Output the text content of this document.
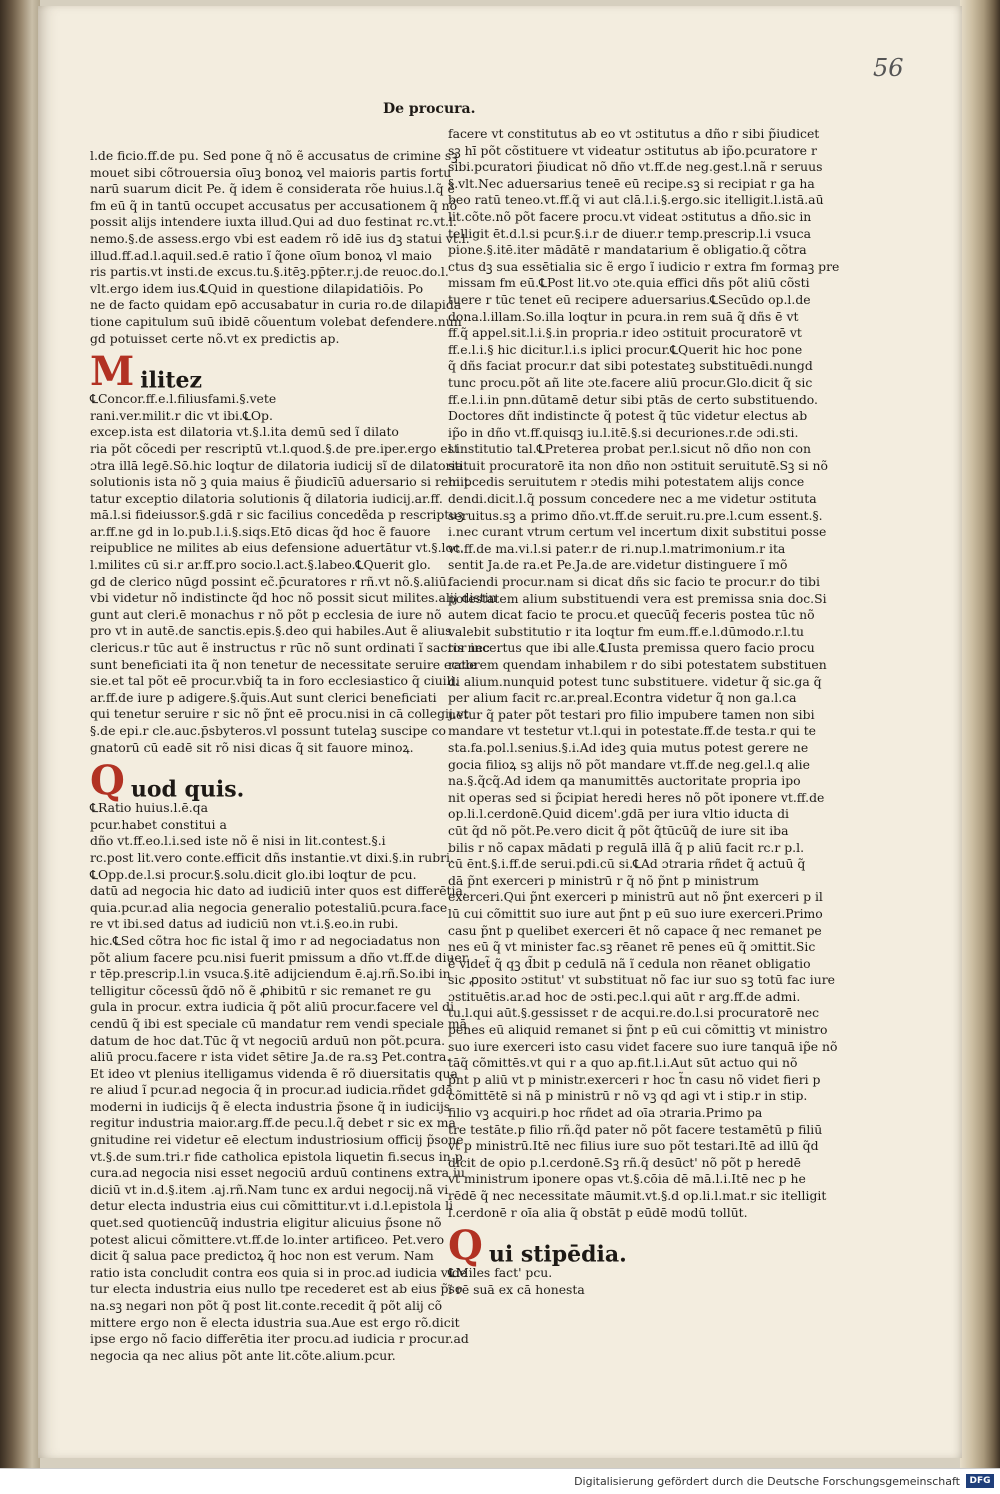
56
De procura.
l.de ficio.ff.de pu. Sed pone q̃ nõ ẽ accusatus de crimine sꝫ
mouet sibi cõtrouersia oīuꝫ bonoꝝ vel maioris partis fortu
narū suarum dicit Pe. q̃ idem ẽ considerata rõe huius.l.q̃ ẽ
fm eū q̃ in tantū occupet accusatus per accusationem q̃ nõ
possit alijs intendere iuxta illud.Qui ad duo festinat rc.vt.l.
nemo.§.de assess.ergo vbi est eadem rõ idē ius dꝫ statui vt.l.
illud.ff.ad.l.aquil.sed.ē ratio ĩ q̃one oīum bonoꝝ vl maio
ris partis.vt insti.de excus.tu.§.itēꝫ.pp̄ter.r.j.de reuoc.do.l.
vlt.ergo idem ius.℄Quid in questione dilapidatiōis. Po
ne de facto quidam epō accusabatur in curia ro.de dilapida
tione capitulum suū ibidē cõuentum volebat defendere.nun
gd potuisset certe nõ.vt ex predictis ap.
Militez
℄Concor.ff.e.l.filiusfami.§.vete
rani.ver.milit.r dic vt ibi.℄Op.
excep.ista est dilatoria vt.§.l.ita demū sed ĩ dilato
ria põt cõcedi per rescriptū vt.l.quod.§.de pre.iper.ergo est
ɔtra illā legē.Sō.hic loqtur de dilatoria iudicij sĩ de dilatoria
solutionis ista nõ ꝫ quia maius ẽ p̃iudicīū aduersario si remit
tatur exceptio dilatoria solutionis q̃ dilatoria iudicij.ar.ff.
mā.l.si fideiussor.§.gdā r sic facilius concedẽda p rescriptuꝫ
ar.ff.ne gd in lo.pub.l.i.§.siqs.Etō dicas q̃d hoc ẽ fauore
reipublice ne milites ab eius defensione aduertātur vt.§.loc.
l.milites cū si.r ar.ff.pro socio.l.act.§.labeo.℄Querit glo.
gd de clerico nūgd possint ec̃.p̄curatores r rñ.vt nõ.§.aliū.
vbi videtur nõ indistincte q̃d hoc nõ possit sicut milites.alij distin
gunt aut cleri.ē monachus r nõ põt p ecclesia de iure nõ
pro vt in autē.de sanctis.epis.§.deo qui habiles.Aut ẽ alius
clericus.r tūc aut ẽ instructus r rūc nõ sunt ordinati ĩ sacris nec
sunt beneficiati ita q̃ non tenetur de necessitate seruire eccle
sie.et tal põt eē procur.vbiq̃ ta in foro ecclesiastico q̃ ciuili.
ar.ff.de iure p adigere.§.q̃uis.Aut sunt clerici beneficiati
qui tenetur seruire r sic nõ p̃nt eē procu.nisi in cā collegij.vt
§.de epi.r cle.auc.p̄sbyteros.vl possunt tutelaꝫ suscipe co
gnatorū cū eadē sit rõ nisi dicas q̃ sit fauore minoꝝ.
Quod quis.
℄Ratio huius.l.ē.qa
pcur.habet constitui a
dño vt.ff.eo.l.i.sed iste nõ ẽ nisi in lit.contest.§.i
rc.post lit.vero conte.efficit dñs instantie.vt dixi.§.in rubri.
℄Opp.de.l.si procur.§.solu.dicit glo.ibi loqtur de pcu.
datū ad negocia hic dato ad iudiciū inter quos est differētia.
quia.pcur.ad alia negocia generalio potestaliū.pcura.face
re vt ibi.sed datus ad iudiciū non vt.i.§.eo.in rubi.
hic.℄Sed cõtra hoc fic istal q̃ imo r ad negociadatus non
põt alium facere pcu.nisi fuerit pmissum a dño vt.ff.de diuer.
r tēp.prescrip.l.in vsuca.§.itē adijciendum ē.aj.rñ.So.ibi in
telligitur cõcessū q̃dō nõ ẽ ꝓhibitū r sic remanet re gu
gula in procur. extra iudicia q̃ põt aliū procur.facere vel di
cendū q̃ ibi est speciale cū mandatur rem vendi speciale mā
datum de hoc dat.Tūc q̃ vt negociū arduū non põt.pcura.
aliū procu.facere r ista videt sētire Ja.de ra.sꝫ Pet.contra.
Et ideo vt plenius itelligamus videnda ẽ rõ diuersitatis qua
re aliud ĩ pcur.ad negocia q̃ in procur.ad iudicia.rñdet gdā
moderni in iudicijs q̃ ẽ electa industria p̃sone q̃ in iudicijs
regitur industria maior.arg.ff.de pecu.l.q̃ debet r sic ex ma
gnitudine rei videtur eē electum industriosium officij p̃sone
vt.§.de sum.tri.r fide catholica epistola liquetin fi.secus in p
cura.ad negocia nisi esset negociū arduū continens extra iu
diciū vt in.d.§.item .aj.rñ.Nam tunc ex ardui negocij.nã vi
detur electa industria eius cui cõmittitur.vt i.d.l.epistola li
quet.sed quotiencūq̃ industria eligitur alicuius p̃sone nõ
potest alicui cõmittere.vt.ff.de lo.inter artificeo. Pet.vero
dicit q̃ salua pace predictoꝝ q̃ hoc non est verum. Nam
ratio ista concludit contra eos quia si in proc.ad iudicia vide
tur electa industria eius nullo tpe recederet est ab eius p̃so
na.sꝫ negari non põt q̃ post lit.conte.recedit q̃ põt alij cõ
mittere ergo non ẽ electa idustria sua.Aue est ergo rõ.dicit
ipse ergo nõ facio differētia iter procu.ad iudicia r procur.ad
negocia qa nec alius põt ante lit.cõte.alium.pcur.
facere vt constitutus ab eo vt ɔstitutus a dño r sibi p̃iudicet
sꝫ hī põt cõstituere vt videatur ɔstitutus ab ip̃o.pcuratore r
sibi.pcuratori p̃iudicat nõ dño vt.ff.de neg.gest.l.nã r seruus
§.vlt.Nec aduersarius teneē eū recipe.sꝫ si recipiat r ga ha
beo ratū teneo.vt.ff.q̃ vi aut clā.l.i.§.ergo.sic itelligit.l.istā.aū
lit.cõte.nõ põt facere procu.vt videat ɔstitutus a dño.sic in
telligit ēt.d.l.si pcur.§.i.r de diuer.r temp.prescrip.l.i vsuca
pione.§.itē.iter mādātē r mandatarium ẽ obligatio.q̃ cõtra
ctus dꝫ sua essētialia sic ẽ ergo ĩ iudicio r extra fm formaꝫ pre
missam fm eū.℄Post lit.vo ɔte.quia effici dñs põt aliū cõsti
tuere r tūc tenet eū recipere aduersarius.℄Secūdo op.l.de
dona.l.illam.So.illa loqtur in pcura.in rem suā q̃ dñs ē vt
ff.q̃ appel.sit.l.i.§.in propria.r ideo ɔstituit procuratorē vt
ff.e.l.i.§ hic dicitur.l.i.s iplici procur.℄Querit hic hoc pone
q̃ dñs faciat procur.r dat sibi potestateꝫ substituēdi.nungd
tunc procu.põt añ lite ɔte.facere aliū procur.Glo.dicit q̃ sic
ff.e.l.i.in pnn.dūtamē detur sibi ptās de certo substituendo.
Doctores dñt indistincte q̃ potest q̃ tūc videtur electus ab
ip̃o in dño vt.ff.quisqꝫ iu.l.itē.§.si decuriones.r.de ɔdi.sti.
l.institutio tal.℄Preterea probat per.l.sicut nõ dño non con
stituit procuratorē ita non dño non ɔstituit seruitutē.Sꝫ si nõ
hi pcedis seruitutem r ɔtedis mihi potestatem alijs conce
dendi.dicit.l.q̃ possum concedere nec a me videtur ɔstituta
seruitus.sꝫ a primo dño.vt.ff.de seruit.ru.pre.l.cum essent.§.
i.nec curant vtrum certum vel incertum dixit substitui posse
vt.ff.de ma.vi.l.si pater.r de ri.nup.l.matrimonium.r ita
sentit Ja.de ra.et Pe.Ja.de are.videtur distinguere ĩ mõ
faciendi procur.nam si dicat dñs sic facio te procur.r do tibi
potestatem alium substituendi vera est premissa snia doc.Si
autem dicat facio te procu.et quecūq̃ feceris postea tūc nõ
valebit substitutio r ita loqtur fm eum.ff.e.l.dūmodo.r.l.tu
tor incertus que ibi alle.℄Iusta premissa quero facio procu
ratorem quendam inhabilem r do sibi potestatem substituen
di alium.nunquid potest tunc substituere. videtur q̃ sic.ga q̃
per alium facit rc.ar.preal.Econtra videtur q̃ non ga.l.ca
uetur q̃ pater põt testari pro filio impubere tamen non sibi
mandare vt testetur vt.l.qui in potestate.ff.de testa.r qui te
sta.fa.pol.l.senius.§.i.Ad ideꝫ quia mutus potest gerere ne
gocia filioꝝ sꝫ alijs nõ põt mandare vt.ff.de neg.gel.l.q alie
na.§.q̃cq̃.Ad idem qa manumittēs auctoritate propria ipo
nit operas sed si p̃cipiat heredi heres nõ põt iponere vt.ff.de
op.li.l.cerdonē.Quid dicem'.gdā per iura vltio iducta di
cūt q̃d nõ põt.Pe.vero dicit q̃ põt q̃tūcūq̃ de iure sit iba
bilis r nõ capax mādati p regulā illā q̃ p aliū facit rc.r p.l.
cū ēnt.§.i.ff.de serui.pdi.cū si.℄Ad ɔtraria rñdet q̃ actuū q̃
dā p̃nt exerceri p ministrū r q̃ nõ p̃nt p ministrum
exerceri.Qui p̃nt exerceri p ministrū aut nõ p̃nt exerceri p il
lū cui cõmittit suo iure aut p̃nt p eū suo iure exerceri.Primo
casu p̃nt p quelibet exerceri ēt nõ capace q̃ nec remanet pe
nes eū q̃ vt minister fac.sꝫ rēanet rē penes eū q̃ ɔmittit.Sic
ẽ videt̃ q̃ qꝫ d̃bit p cedulā nã ĩ cedula non rēanet obligatio
sic ꝓposito ɔstitut' vt substituat nõ fac iur suo sꝫ totū fac iure
ɔstituētis.ar.ad hoc de ɔsti.pec.l.qui aūt r arg.ff.de admi.
tu.l.qui aūt.§.gessisset r de acqui.re.do.l.si procuratorē nec
penes eū aliquid remanet si p̃nt p eū cui cõmittiꝫ vt ministro
suo iure exerceri isto casu videt facere suo iure tanquā ip̃e nõ
tāq̃ cõmittēs.vt qui r a quo ap.fit.l.i.Aut sūt actuo qui nõ
p̃nt p aliū vt p ministr.exerceri r hoc t̃n casu nõ videt fieri p
cõmittētē si nã p ministrū r nõ vꝫ qd agi vt i stip.r in stip.
filio vꝫ acquiri.p hoc rñdet ad oīa ɔtraria.Primo pa
tre testāte.p filio rñ.q̃d pater nõ põt facere testamētū p filiū
vt p ministrū.Itē nec filius iure suo põt testari.Itē ad illū q̃d
dicit de opio p.l.cerdonē.Sꝫ rñ.q̃ desūct' nõ põt p heredē
vt ministrum iponere opas vt.§.cōia dē mā.l.i.Itē nec p he
rēdē q̃ nec necessitate māumit.vt.§.d op.li.l.mat.r sic itelligit
l.cerdonē r oīa alia q̃ obstāt p eūdē modū tollūt.
Qui stipēdia.
℄Miles fact' pcu.
ĩ rē suā ex cā honesta
Digitalisierung gefördert durch die Deutsche Forschungsgemeinschaft	DFG
